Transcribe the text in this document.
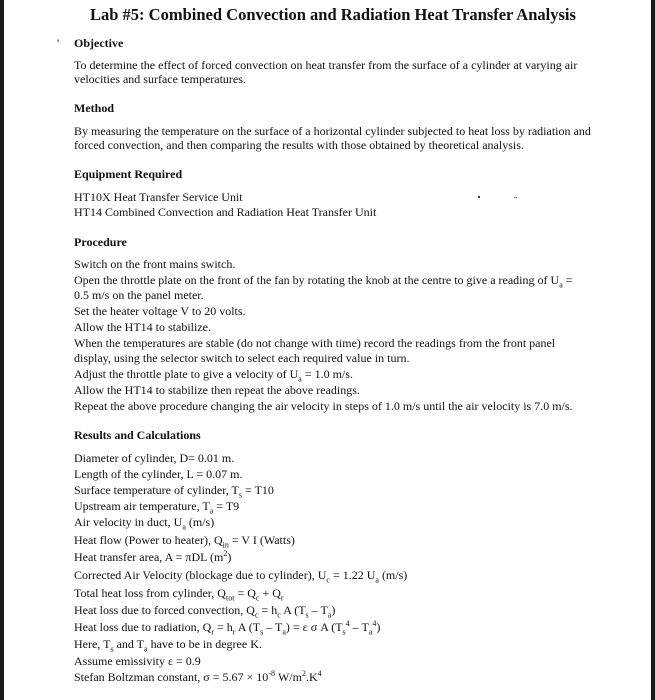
'
Lab #5: Combined Convection and Radiation Heat Transfer Analysis
Objective
To determine the effect of forced convection on heat transfer from the surface of a cylinder at varying air velocities and surface temperatures.
Method
By measuring the temperature on the surface of a horizontal cylinder subjected to heat loss by radiation and forced convection, and then comparing the results with those obtained by theoretical analysis.
Equipment Required
HT10X Heat Transfer Service Unit
HT14 Combined Convection and Radiation Heat Transfer Unit
Procedure
Switch on the front mains switch.
Open the throttle plate on the front of the fan by rotating the knob at the centre to give a reading of $U_a$ =
0.5 m/s on the panel meter.
Set the heater voltage V to 20 volts.
Allow the HT14 to stabilize.
When the temperatures are stable (do not change with time) record the readings from the front panel
display, using the selector switch to select each required value in turn.
Adjust the throttle plate to give a velocity of $U_a = 1.0$ m/s.
Allow the HT14 to stabilize then repeat the above readings.
Repeat the above procedure changing the air velocity in steps of 1.0 m/s until the air velocity is 7.0 m/s.
Results and Calculations
Diameter of cylinder, D= 0.01 m.
Length of the cylinder, L = 0.07 m.
Surface temperature of cylinder, $T_s = T10$
Upstream air temperature, $T_a = T9$
Air velocity in duct, $U_a$ (m/s)
Heat flow (Power to heater), $Q_{in} = V$ I (Watts)
Heat transfer area, A = πDL $(m^2)$
Corrected Air Velocity (blockage due to cylinder), $U_c = 1.22$ $U_a$ (m/s)
Total heat loss from cylinder, $Q_{tot} = Q_c + Q_r$
Heat loss due to forced convection, $Q_c = h_c$ A $(T_s - T_a)$
Heat loss due to radiation, $Q_r = h_r$ A $(T_s - T_a) = \varepsilon$ σ A $(T_s^4 - T_a^4)$
Here, $T_s$ and $T_a$ have to be in degree K.
Assume emissivity ε = 0.9
Stefan Boltzman constant, $\sigma = 5.67 \times 10^{-8}$ $W/m^2.K^4$
